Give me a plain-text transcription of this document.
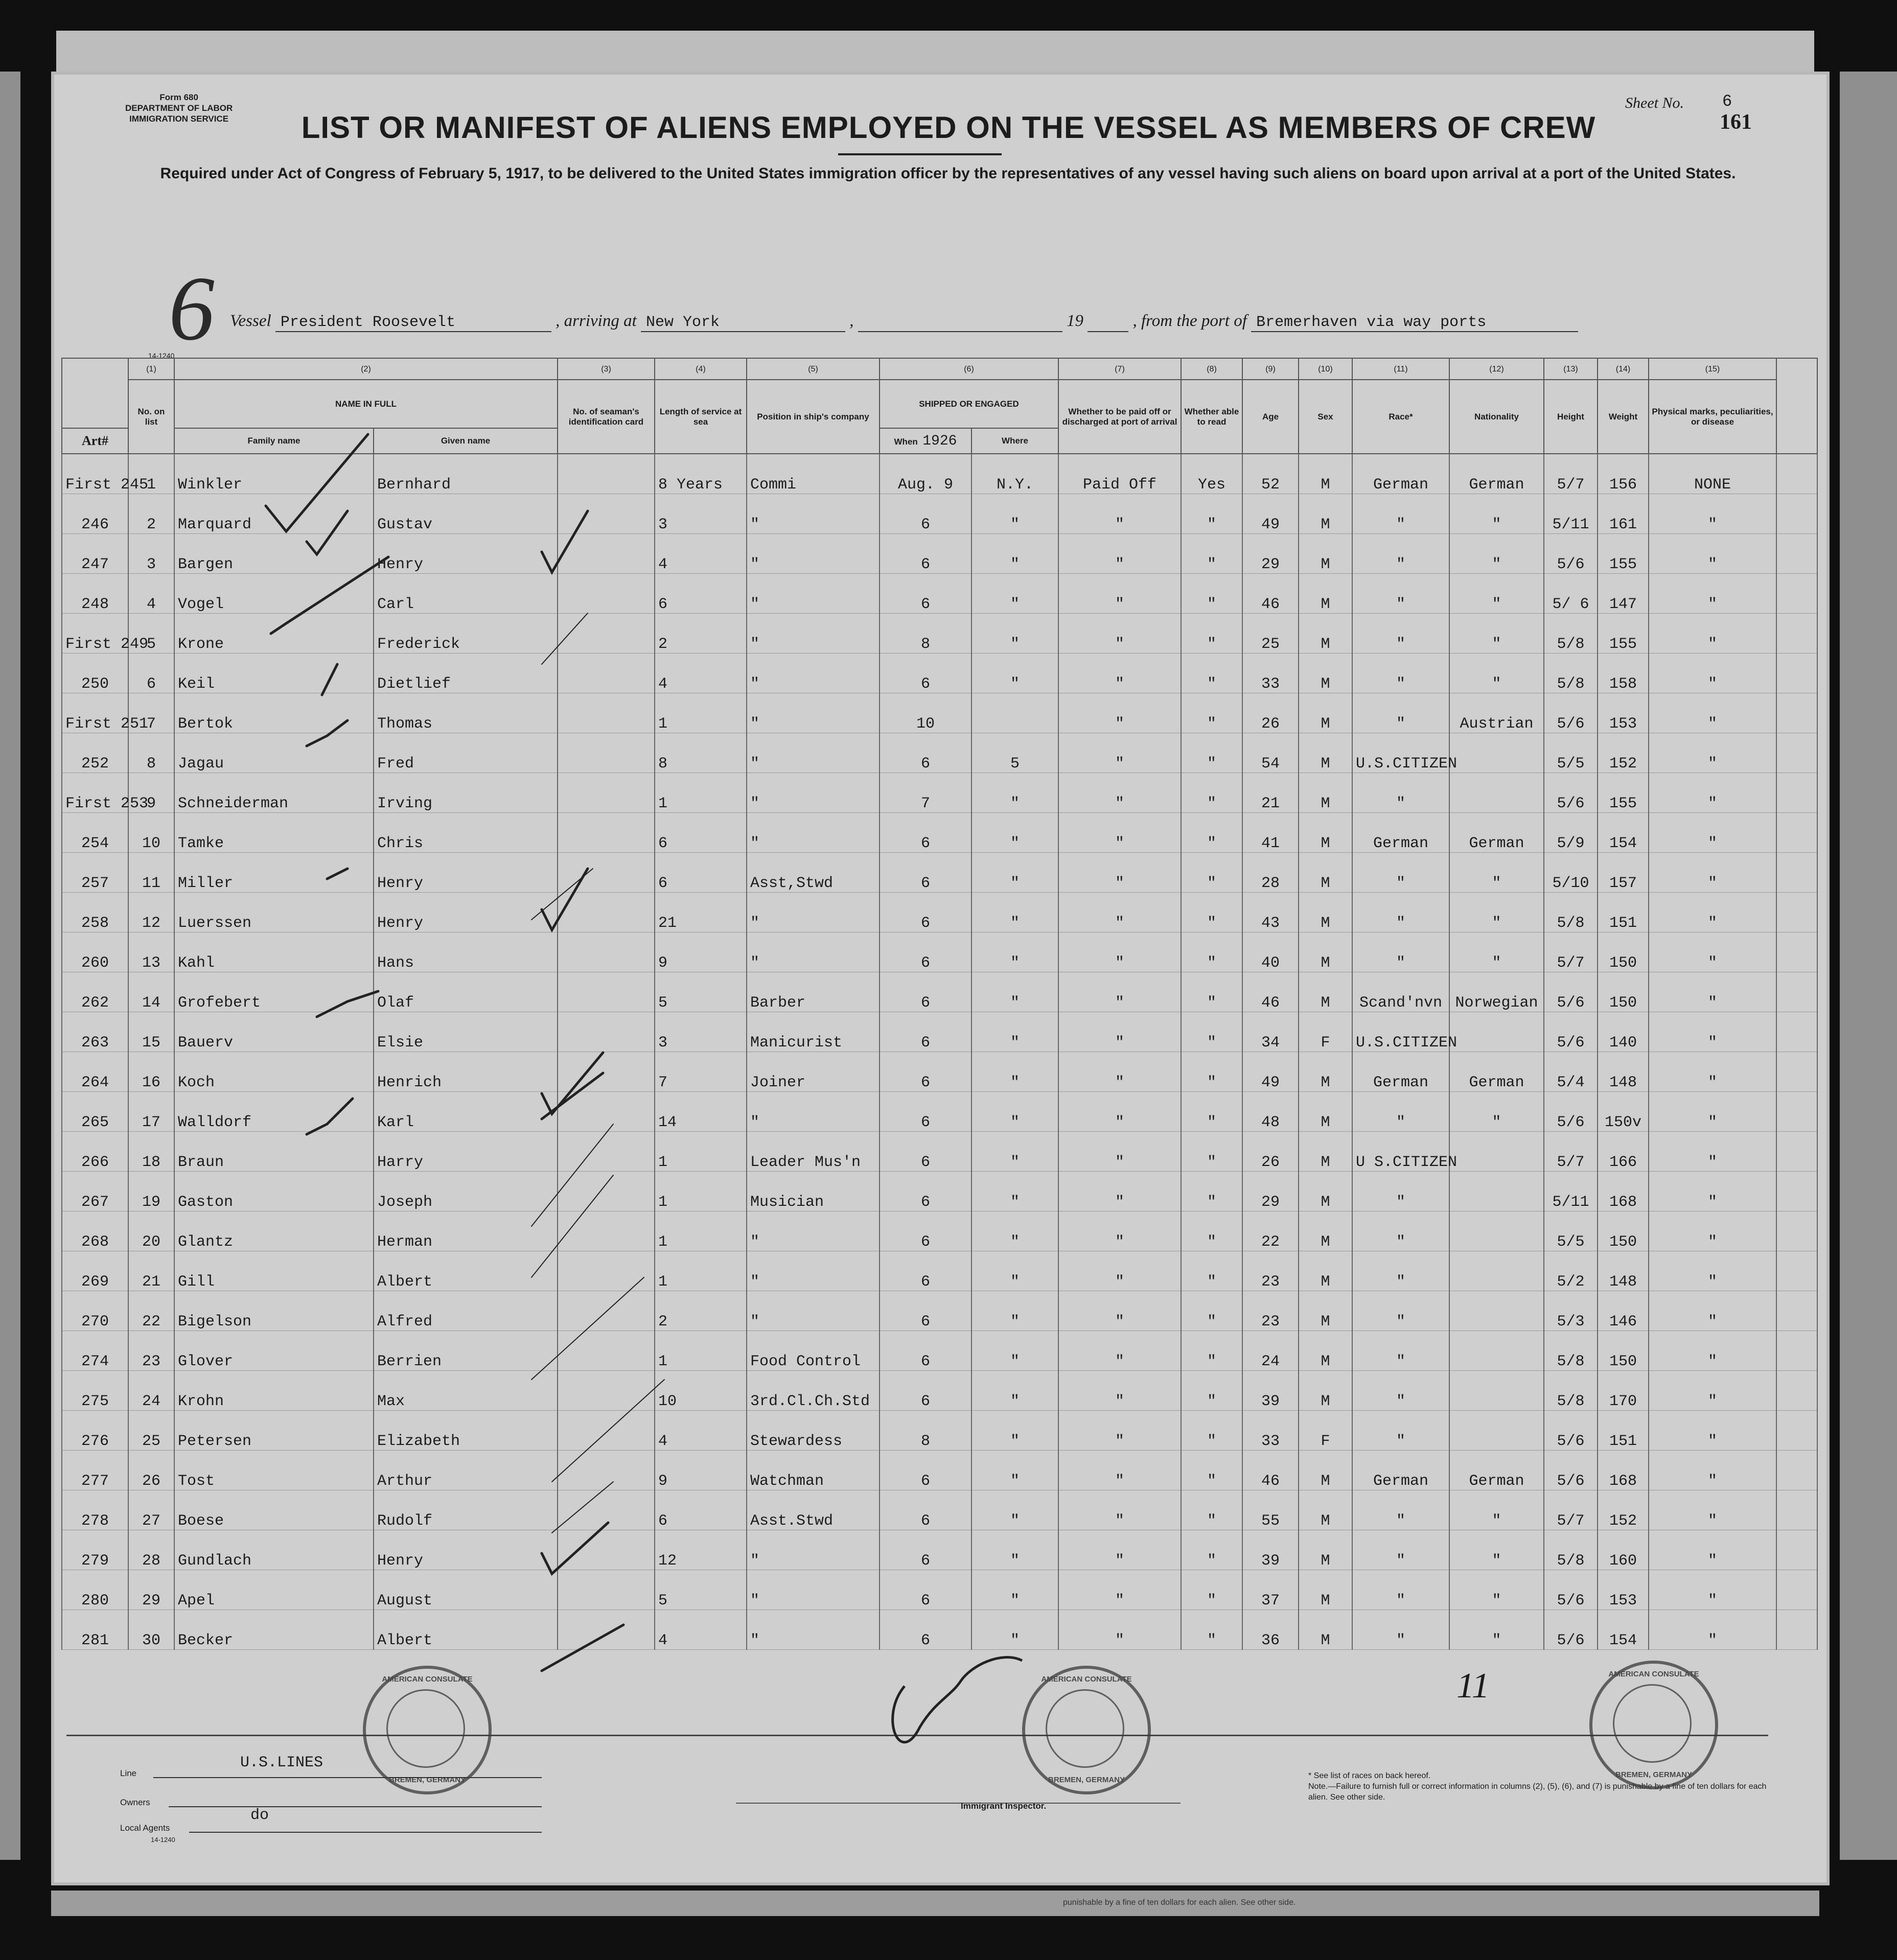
punishable by a fine of ten dollars for each alien. See other side.
Form 680
DEPARTMENT OF LABOR
IMMIGRATION SERVICE
Sheet No. 6
161
LIST OR MANIFEST OF ALIENS EMPLOYED ON THE VESSEL AS MEMBERS OF CREW
Required under Act of Congress of February 5, 1917, to be delivered to the United States immigration officer by the representatives of any vessel having such aliens on board upon arrival at a port of the United States.
6 Vessel President Roosevelt	, arriving at New York	,	19	, from the port of Bremerhaven via way ports
14-1240
	(1)	(2)		(3)	(4)	(5)	(6)		(7)	(8)	(9)	(10)	(11)	(12)	(13)	(14)	(15)	
	No. on list	NAME IN FULL		No. of seaman's identification card	Length of service at sea	Position in ship's company	SHIPPED OR ENGAGED		Whether to be paid off or discharged at port of arrival	Whether able to read	Age	Sex	Race*	Nationality	Height	Weight	Physical marks, peculiarities, or disease	
Art#		Family name	Given name				When 1926	Where										
First 245	1	Winkler	Bernhard		8 Years	Commi	Aug. 9	N.Y.	Paid Off	Yes	52	M	German	German	5/7	156	NONE	
246	2	Marquard	Gustav		3	"	6	"	"	"	49	M	"	"	5/11	161	"	
247	3	Bargen	Henry		4	"	6	"	"	"	29	M	"	"	5/6	155	"	
248	4	Vogel	Carl		6	"	6	"	"	"	46	M	"	"	5/ 6	147	"	
First 249	5	Krone	Frederick		2	"	8	"	"	"	25	M	"	"	5/8	155	"	
250	6	Keil	Dietlief		4	"	6	"	"	"	33	M	"	"	5/8	158	"	
First 251	7	Bertok	Thomas		1	"	10		"	"	26	M	"	Austrian	5/6	153	"	
252	8	Jagau	Fred		8	"	6	5	"	"	54	M	U.S.CITIZEN		5/5	152	"	
First 253	9	Schneiderman	Irving		1	"	7	"	"	"	21	M	"		5/6	155	"	
254	10	Tamke	Chris		6	"	6	"	"	"	41	M	German	German	5/9	154	"	
257	11	Miller	Henry		6	Asst,Stwd	6	"	"	"	28	M	"	"	5/10	157	"	
258	12	Luerssen	Henry		21	"	6	"	"	"	43	M	"	"	5/8	151	"	
260	13	Kahl	Hans		9	"	6	"	"	"	40	M	"	"	5/7	150	"	
262	14	Grofebert	Olaf		5	Barber	6	"	"	"	46	M	Scand'nvn	Norwegian	5/6	150	"	
263	15	Bauerv	Elsie		3	Manicurist	6	"	"	"	34	F	U.S.CITIZEN		5/6	140	"	
264	16	Koch	Henrich		7	Joiner	6	"	"	"	49	M	German	German	5/4	148	"	
265	17	Walldorf	Karl		14	"	6	"	"	"	48	M	"	"	5/6	150v	"	
266	18	Braun	Harry		1	Leader Mus'n	6	"	"	"	26	M	U S.CITIZEN		5/7	166	"	
267	19	Gaston	Joseph		1	Musician	6	"	"	"	29	M	"		5/11	168	"	
268	20	Glantz	Herman		1	"	6	"	"	"	22	M	"		5/5	150	"	
269	21	Gill	Albert		1	"	6	"	"	"	23	M	"		5/2	148	"	
270	22	Bigelson	Alfred		2	"	6	"	"	"	23	M	"		5/3	146	"	
274	23	Glover	Berrien		1	Food Control	6	"	"	"	24	M	"		5/8	150	"	
275	24	Krohn	Max		10	3rd.Cl.Ch.Std	6	"	"	"	39	M	"		5/8	170	"	
276	25	Petersen	Elizabeth		4	Stewardess	8	"	"	"	33	F	"		5/6	151	"	
277	26	Tost	Arthur		9	Watchman	6	"	"	"	46	M	German	German	5/6	168	"	
278	27	Boese	Rudolf		6	Asst.Stwd	6	"	"	"	55	M	"	"	5/7	152	"	
279	28	Gundlach	Henry		12	"	6	"	"	"	39	M	"	"	5/8	160	"	
280	29	Apel	August		5	"	6	"	"	"	37	M	"	"	5/6	153	"	
281	30	Becker	Albert		4	"	6	"	"	"	36	M	"	"	5/6	154	"	
Line
U.S.LINES
Owners
Local Agents
do
14-1240
Immigrant Inspector.
* See list of races on back hereof.
Note.—Failure to furnish full or correct information in columns (2), (5), (6), and (7) is punishable by a fine of ten dollars for each alien. See other side.
11
AMERICAN CONSULATE
BREMEN, GERMANY
AMERICAN CONSULATE
BREMEN, GERMANY
AMERICAN CONSULATE
BREMEN, GERMANY
